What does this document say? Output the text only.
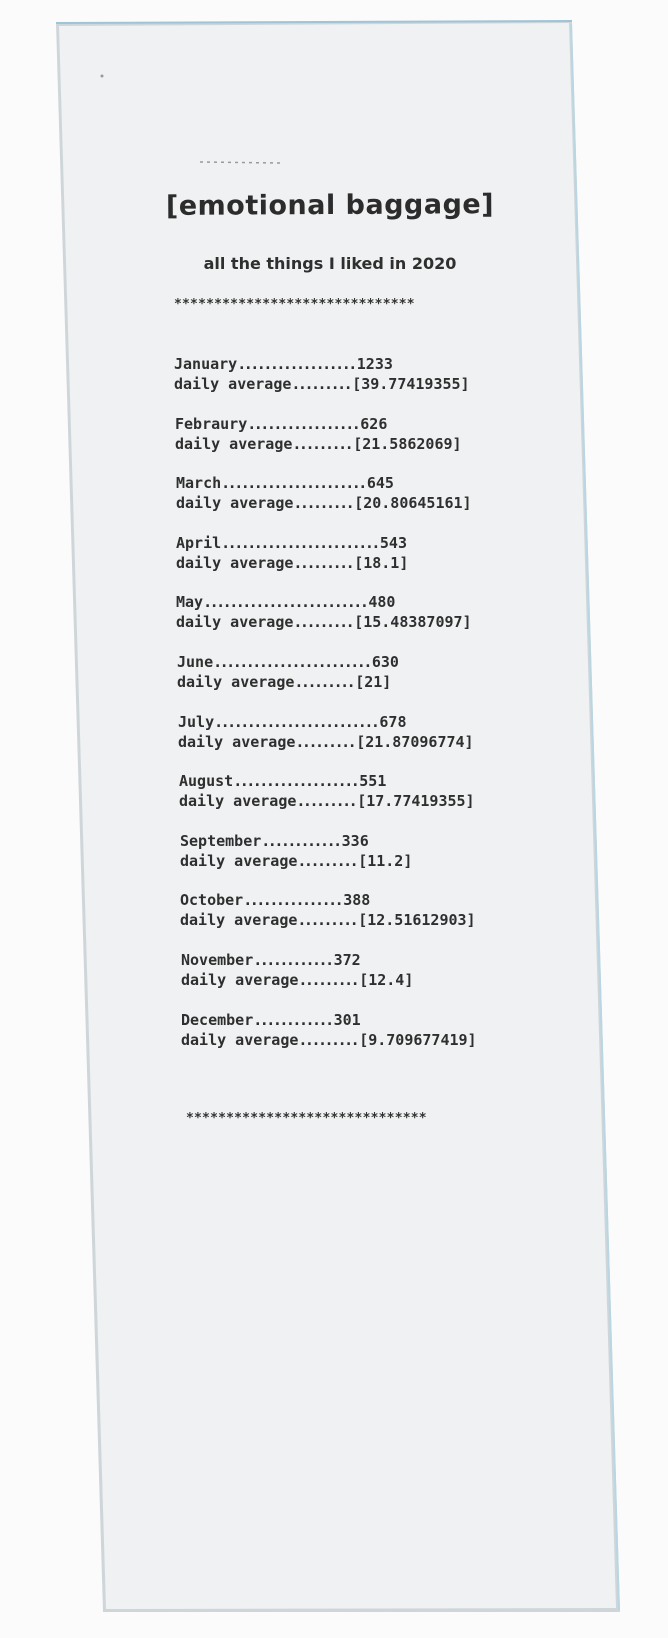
[emotional baggage]
all the things I liked in 2020
******************************
January.................. 1233
daily average......... [39.77419355]
Febraury................. 626
daily average......... [21.5862069]
March...................... 645
daily average......... [20.80645161]
April........................ 543
daily average......... [18.1]
May......................... 480
daily average......... [15.48387097]
June........................ 630
daily average......... [21]
July......................... 678
daily average......... [21.87096774]
August................... 551
daily average......... [17.77419355]
September............ 336
daily average......... [11.2]
October............... 388
daily average......... [12.51612903]
November............ 372
daily average......... [12.4]
December............ 301
daily average......... [9.709677419]
******************************
